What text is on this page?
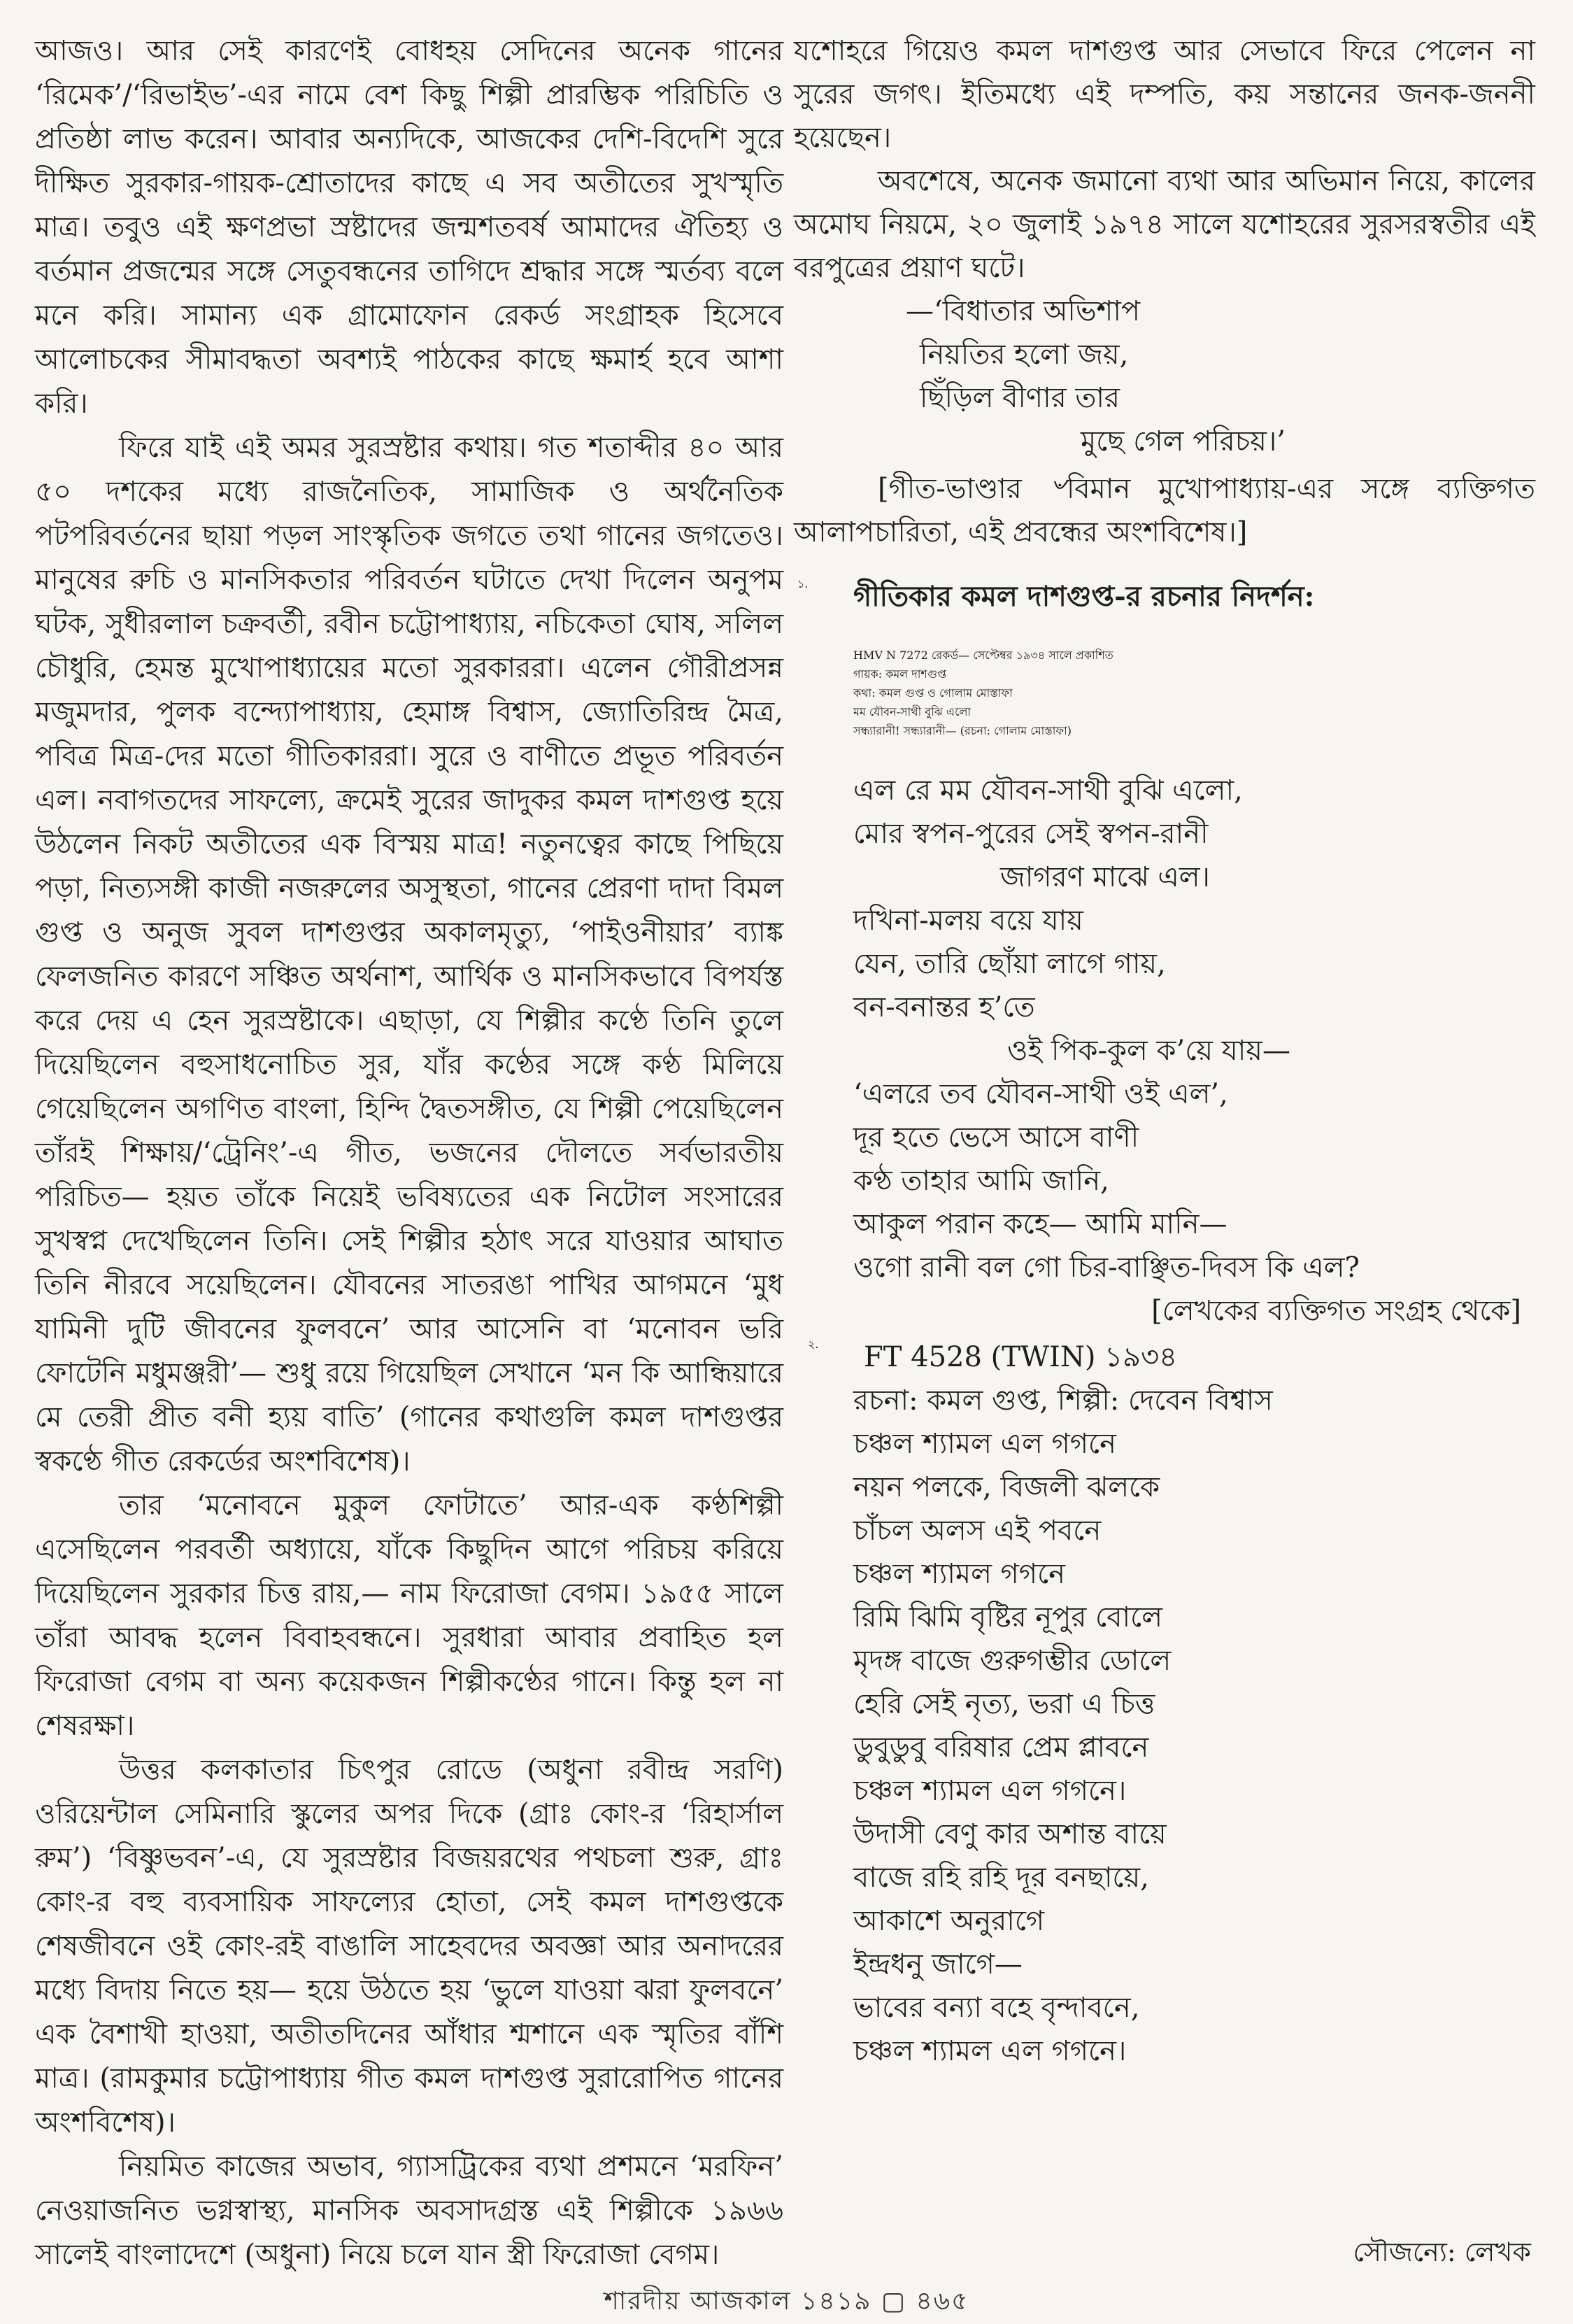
আজও। আর সেই কারণেই বোধহয় সেদিনের অনেক গানের ‘রিমেক’/‘রিভাইভ’-এর নামে বেশ কিছু শিল্পী প্রারম্ভিক পরিচিতি ও প্রতিষ্ঠা লাভ করেন। আবার অন্যদিকে, আজকের দেশি-বিদেশি সুরে দীক্ষিত সুরকার-গায়ক-শ্রোতাদের কাছে এ সব অতীতের সুখস্মৃতি মাত্র। তবুও এই ক্ষণপ্রভা স্রষ্টাদের জন্মশতবর্ষ আমাদের ঐতিহ্য ও বর্তমান প্রজন্মের সঙ্গে সেতুবন্ধনের তাগিদে শ্রদ্ধার সঙ্গে স্মর্তব্য বলে মনে করি। সামান্য এক গ্রামোফোন রেকর্ড সংগ্রাহক হিসেবে আলোচকের সীমাবদ্ধতা অবশ্যই পাঠকের কাছে ক্ষমার্হ হবে আশা করি।

ফিরে যাই এই অমর সুরস্রষ্টার কথায়। গত শতাব্দীর ৪০ আর ৫০ দশকের মধ্যে রাজনৈতিক, সামাজিক ও অর্থনৈতিক পটপরিবর্তনের ছায়া পড়ল সাংস্কৃতিক জগতে তথা গানের জগতেও। মানুষের রুচি ও মানসিকতার পরিবর্তন ঘটাতে দেখা দিলেন অনুপম ঘটক, সুধীরলাল চক্রবর্তী, রবীন চট্টোপাধ্যায়, নচিকেতা ঘোষ, সলিল চৌধুরি, হেমন্ত মুখোপাধ্যায়ের মতো সুরকাররা। এলেন গৌরীপ্রসন্ন মজুমদার, পুলক বন্দ্যোপাধ্যায়, হেমাঙ্গ বিশ্বাস, জ্যোতিরিন্দ্র মৈত্র, পবিত্র মিত্র-দের মতো গীতিকাররা। সুরে ও বাণীতে প্রভূত পরিবর্তন এল। নবাগতদের সাফল্যে, ক্রমেই সুরের জাদুকর কমল দাশগুপ্ত হয়ে উঠলেন নিকট অতীতের এক বিস্ময় মাত্র! নতুনত্বের কাছে পিছিয়ে পড়া, নিত্যসঙ্গী কাজী নজরুলের অসুস্থতা, গানের প্রেরণা দাদা বিমল গুপ্ত ও অনুজ সুবল দাশগুপ্তর অকালমৃত্যু, ‘পাইওনীয়ার’ ব্যাঙ্ক ফেলজনিত কারণে সঞ্চিত অর্থনাশ, আর্থিক ও মানসিকভাবে বিপর্যস্ত করে দেয় এ হেন সুরস্রষ্টাকে। এছাড়া, যে শিল্পীর কণ্ঠে তিনি তুলে দিয়েছিলেন বহুসাধনোচিত সুর, যাঁর কণ্ঠের সঙ্গে কণ্ঠ মিলিয়ে গেয়েছিলেন অগণিত বাংলা, হিন্দি দ্বৈতসঙ্গীত, যে শিল্পী পেয়েছিলেন তাঁরই শিক্ষায়/‘ট্রেনিং’-এ গীত, ভজনের দৌলতে সর্বভারতীয় পরিচিত— হয়ত তাঁকে নিয়েই ভবিষ্যতের এক নিটোল সংসারের সুখস্বপ্ন দেখেছিলেন তিনি। সেই শিল্পীর হঠাৎ সরে যাওয়ার আঘাত তিনি নীরবে সয়েছিলেন। যৌবনের সাতরঙা পাখির আগমনে ‘মুধ যামিনী দুটি জীবনের ফুলবনে’ আর আসেনি বা ‘মনোবন ভরি ফোটেনি মধুমঞ্জরী’— শুধু রয়ে গিয়েছিল সেখানে ‘মন কি আন্ধিয়ারে মে তেরী প্রীত বনী হ্যয় বাতি’ (গানের কথাগুলি কমল দাশগুপ্তর স্বকণ্ঠে গীত রেকর্ডের অংশবিশেষ)।

তার ‘মনোবনে মুকুল ফোটাতে’ আর-এক কণ্ঠশিল্পী এসেছিলেন পরবর্তী অধ্যায়ে, যাঁকে কিছুদিন আগে পরিচয় করিয়ে দিয়েছিলেন সুরকার চিত্ত রায়,— নাম ফিরোজা বেগম। ১৯৫৫ সালে তাঁরা আবদ্ধ হলেন বিবাহবন্ধনে। সুরধারা আবার প্রবাহিত হল ফিরোজা বেগম বা অন্য কয়েকজন শিল্পীকণ্ঠের গানে। কিন্তু হল না শেষরক্ষা।

উত্তর কলকাতার চিৎপুর রোডে (অধুনা রবীন্দ্র সরণি) ওরিয়েন্টাল সেমিনারি স্কুলের অপর দিকে (গ্রাঃ কোং-র ‘রিহার্সাল রুম’) ‘বিষ্ণুভবন’-এ, যে সুরস্রষ্টার বিজয়রথের পথচলা শুরু, গ্রাঃ কোং-র বহু ব্যবসায়িক সাফল্যের হোতা, সেই কমল দাশগুপ্তকে শেষজীবনে ওই কোং-রই বাঙালি সাহেবদের অবজ্ঞা আর অনাদরের মধ্যে বিদায় নিতে হয়— হয়ে উঠতে হয় ‘ভুলে যাওয়া ঝরা ফুলবনে’ এক বৈশাখী হাওয়া, অতীতদিনের আঁধার শ্মশানে এক স্মৃতির বাঁশি মাত্র। (রামকুমার চট্টোপাধ্যায় গীত কমল দাশগুপ্ত সুরারোপিত গানের অংশবিশেষ)।

নিয়মিত কাজের অভাব, গ্যাসট্রিকের ব্যথা প্রশমনে ‘মরফিন’ নেওয়াজনিত ভগ্নস্বাস্থ্য, মানসিক অবসাদগ্রস্ত এই শিল্পীকে ১৯৬৬ সালেই বাংলাদেশে (অধুনা) নিয়ে চলে যান স্ত্রী ফিরোজা বেগম।

যশোহরে গিয়েও কমল দাশগুপ্ত আর সেভাবে ফিরে পেলেন না সুরের জগৎ। ইতিমধ্যে এই দম্পতি, কয় সন্তানের জনক-জননী হয়েছেন।

অবশেষে, অনেক জমানো ব্যথা আর অভিমান নিয়ে, কালের অমোঘ নিয়মে, ২০ জুলাই ১৯৭৪ সালে যশোহরের সুরসরস্বতীর এই বরপুত্রের প্রয়াণ ঘটে।

—‘বিধাতার অভিশাপ
নিয়তির হলো জয়,
ছিঁড়িল বীণার তার
মুছে গেল পরিচয়।’

[গীত-ভাণ্ডার ৺বিমান মুখোপাধ্যায়-এর সঙ্গে ব্যক্তিগত আলাপচারিতা, এই প্রবন্ধের অংশবিশেষ।]

১. গীতিকার কমল দাশগুপ্ত-র রচনার নিদর্শন:
HMV N 7272 রেকর্ড— সেপ্টেম্বর ১৯৩৪ সালে প্রকাশিত
গায়ক: কমল দাশগুপ্ত
কথা: কমল গুপ্ত ও গোলাম মোস্তাফা
মম যৌবন-সাথী বুঝি এলো
সন্ধ্যারানী! সন্ধ্যারানী— (রচনা: গোলাম মোস্তাফা)
এল রে মম যৌবন-সাথী বুঝি এলো,
মোর স্বপন-পুরের সেই স্বপন-রানী
জাগরণ মাঝে এল।
দখিনা-মলয় বয়ে যায়
যেন, তারি ছোঁয়া লাগে গায়,
বন-বনান্তর হ’তে
ওই পিক-কুল ক’য়ে যায়—
‘এলরে তব যৌবন-সাথী ওই এল’,
দূর হতে ভেসে আসে বাণী
কণ্ঠ তাহার আমি জানি,
আকুল পরান কহে— আমি মানি—
ওগো রানী বল গো চির-বাঞ্ছিত-দিবস কি এল?
[লেখকের ব্যক্তিগত সংগ্রহ থেকে]
২. FT 4528 (TWIN) ১৯৩৪
রচনা: কমল গুপ্ত, শিল্পী: দেবেন বিশ্বাস
চঞ্চল শ্যামল এল গগনে
নয়ন পলকে, বিজলী ঝলকে
চাঁচল অলস এই পবনে
চঞ্চল শ্যামল গগনে
রিমি ঝিমি বৃষ্টির নূপুর বোলে
মৃদঙ্গ বাজে গুরুগম্ভীর ডোলে
হেরি সেই নৃত্য, ভরা এ চিত্ত
ডুবুডুবু বরিষার প্রেম প্লাবনে
চঞ্চল শ্যামল এল গগনে।
উদাসী বেণু কার অশান্ত বায়ে
বাজে রহি রহি দূর বনছায়ে,
আকাশে অনুরাগে
ইন্দ্রধনু জাগে—
ভাবের বন্যা বহে বৃন্দাবনে,
চঞ্চল শ্যামল এল গগনে।
সৌজন্যে: লেখক
শারদীয় আজকাল ১৪১৯ ▢ ৪৬৫
